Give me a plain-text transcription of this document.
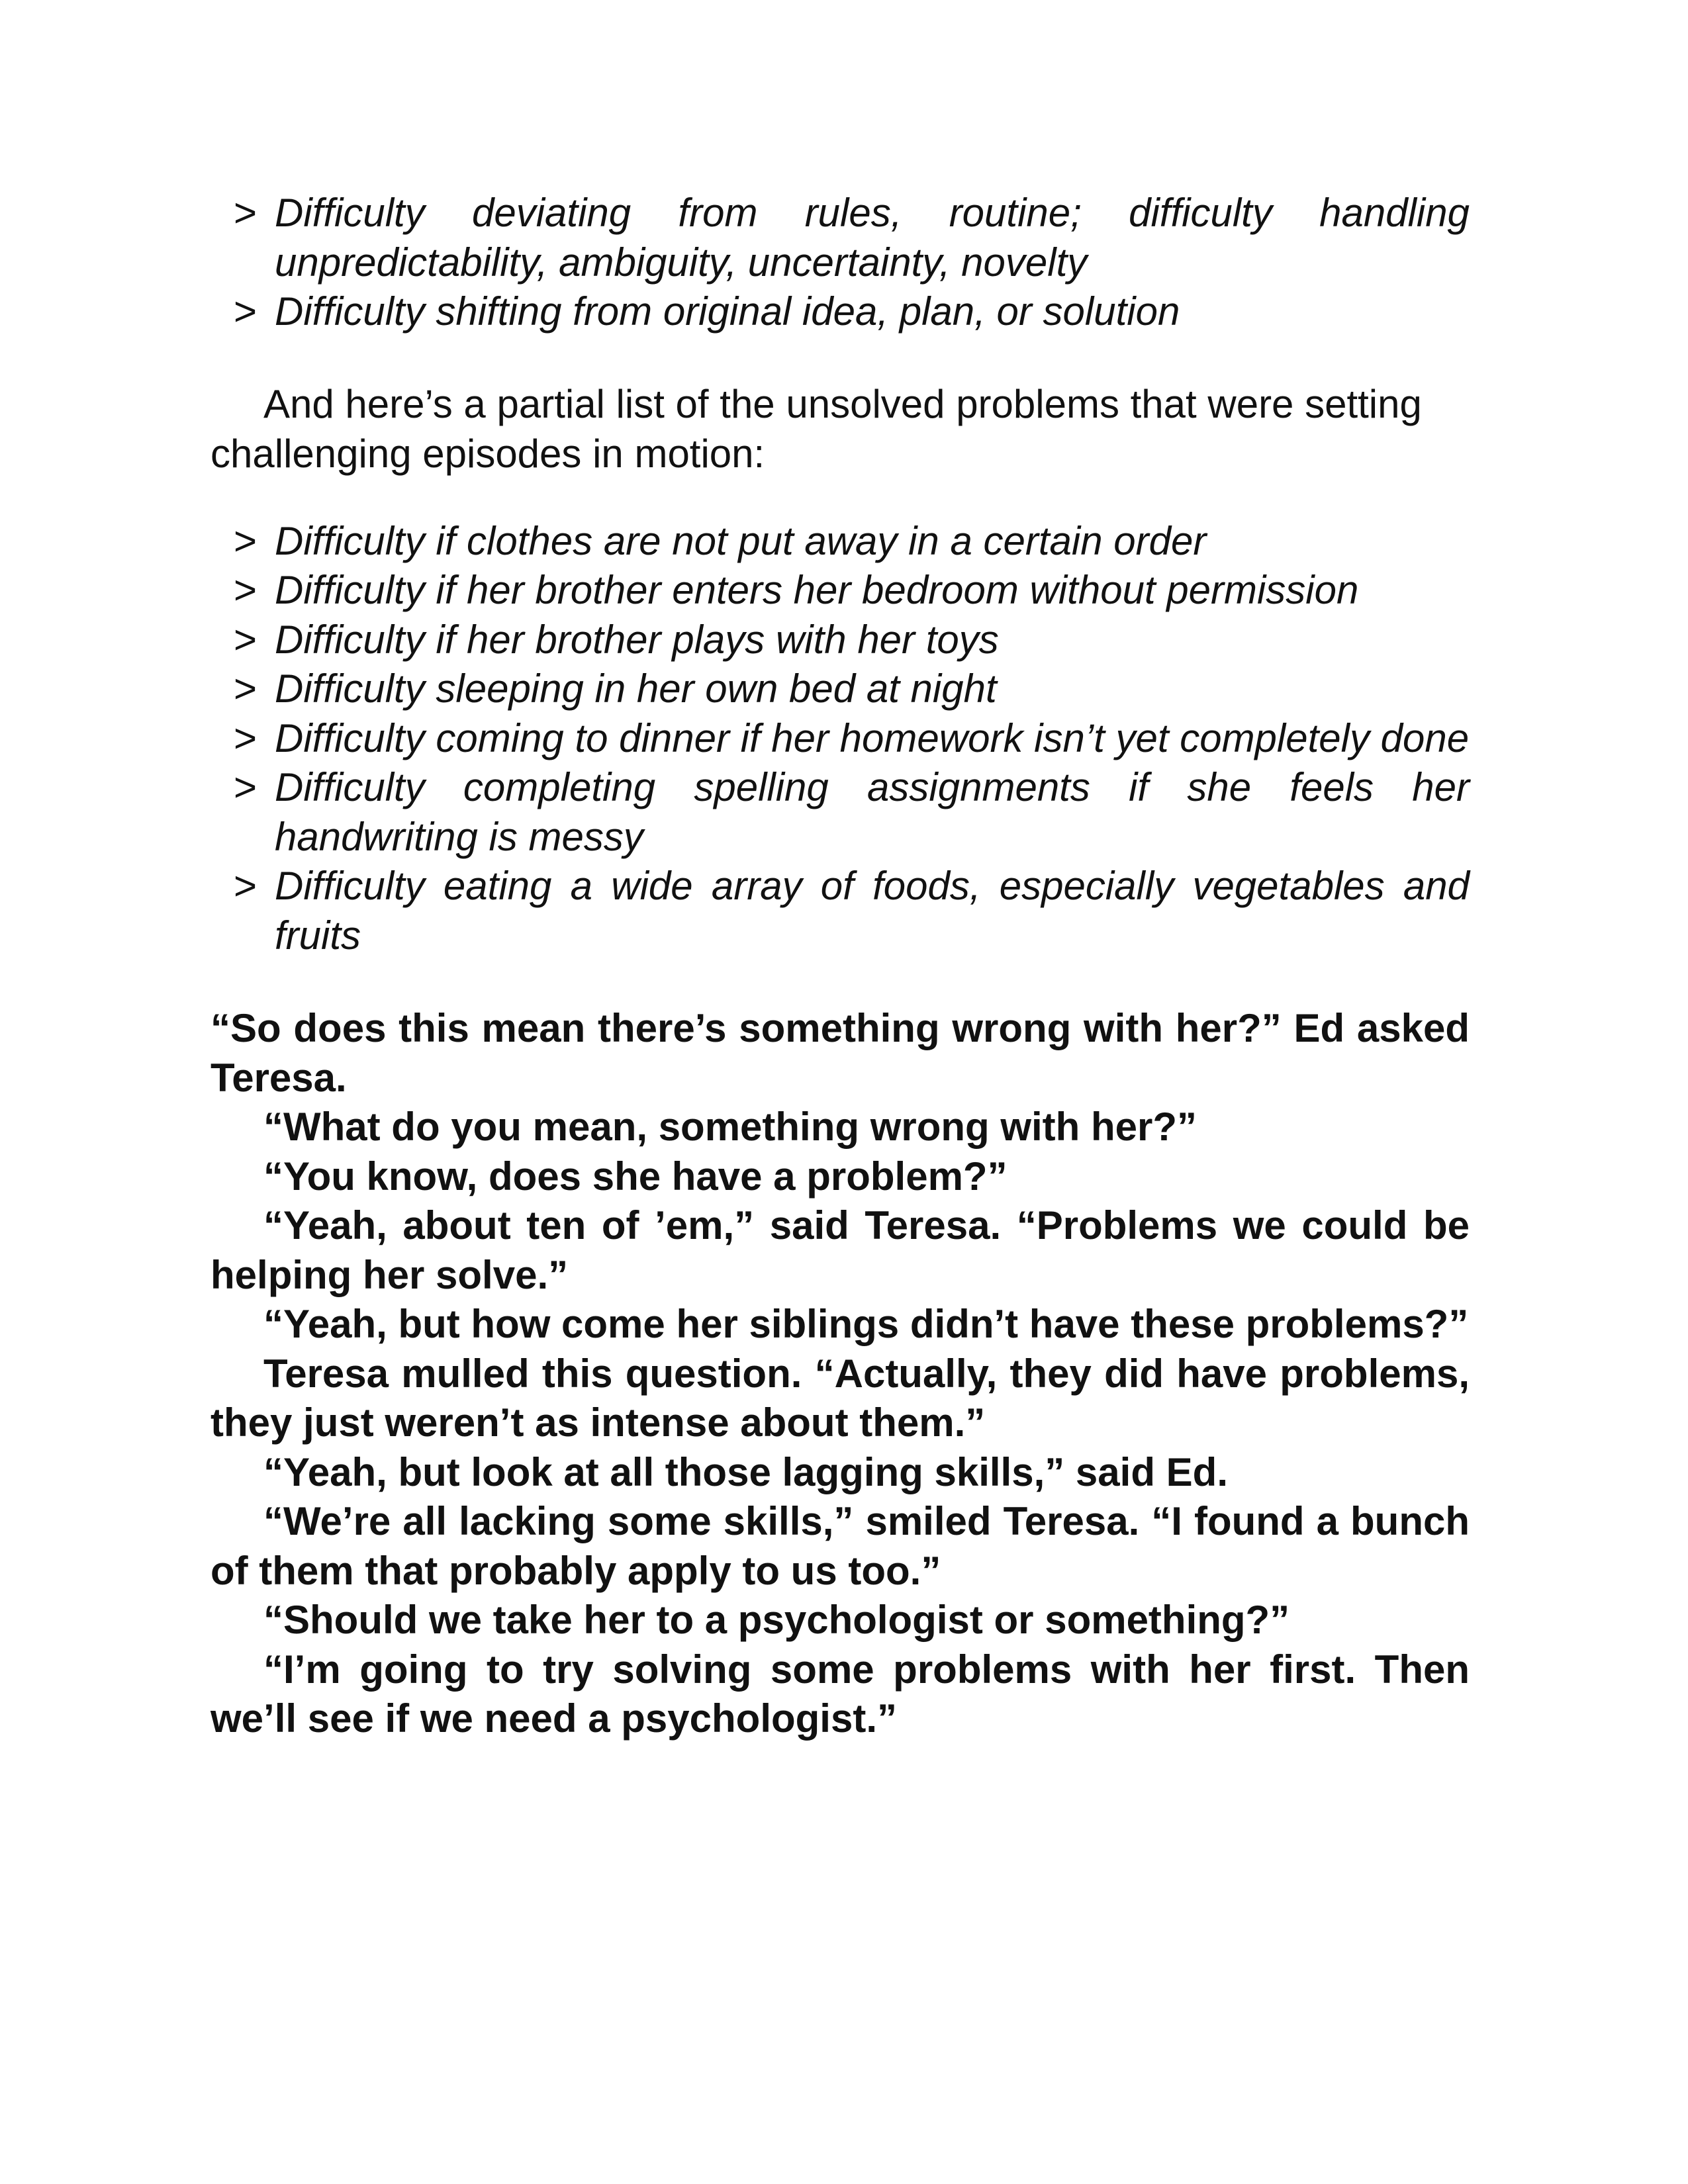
> Difficulty deviating from rules, routine; difficulty handling unpredictability, ambiguity, uncertainty, novelty
> Difficulty shifting from original idea, plan, or solution

And here’s a partial list of the unsolved problems that were setting challenging episodes in motion:

> Difficulty if clothes are not put away in a certain order
> Difficulty if her brother enters her bedroom without permission
> Difficulty if her brother plays with her toys
> Difficulty sleeping in her own bed at night
> Difficulty coming to dinner if her homework isn’t yet completely done
> Difficulty completing spelling assignments if she feels her handwriting is messy
> Difficulty eating a wide array of foods, especially vegetables and fruits

“So does this mean there’s something wrong with her?” Ed asked Teresa.

“What do you mean, something wrong with her?”

“You know, does she have a problem?”

“Yeah, about ten of ’em,” said Teresa. “Problems we could be helping her solve.”

“Yeah, but how come her siblings didn’t have these problems?”

Teresa mulled this question. “Actually, they did have problems, they just weren’t as intense about them.”

“Yeah, but look at all those lagging skills,” said Ed.

“We’re all lacking some skills,” smiled Teresa. “I found a bunch of them that probably apply to us too.”

“Should we take her to a psychologist or something?”

“I’m going to try solving some problems with her first. Then we’ll see if we need a psychologist.”
